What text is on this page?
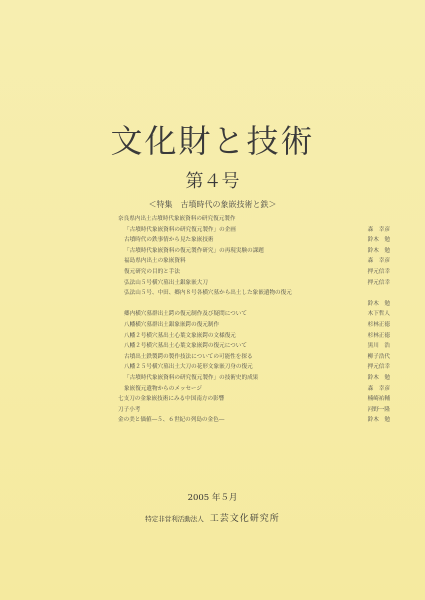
文化財と技術
第４号
＜特集　古墳時代の象嵌技術と鉄＞
奈良県内出土古墳時代象嵌資料の研究復元製作
「古墳時代象嵌資料の研究復元製作」の企画	森　幸彦
古墳時代の鉄事情から見た象嵌技術	鈴木　勉
「古墳時代象嵌資料の復元製作研究」の再現実験の課題	鈴木　勉
福島県内出土の象嵌資料	森　幸彦
復元研究の目的と手法	押元信幸
弘法山５号横穴墓出土銀象嵌大刀	押元信幸
弘法山５号、中田、郷内８号各横穴墓から出土した象嵌遺物の復元
鈴木　勉
郷内横穴墓群出土鍔の復元制作及び疑問について	木下哲人
八幡横穴墓群出土銀象嵌鍔の復元制作	杉林正徳
八幡２号横穴墓出土心葉文象嵌鍔の文様復元	杉林正徳
八幡２号横穴墓出土心葉文象嵌鍔の復元について	黒川　浩
古墳出土鉄製鍔の製作技法についての可能性を探る	柳子浩代
八幡２５号横穴墓出土大刀の花形文象嵌刀身の復元	押元信幸
「古墳時代象嵌資料の研究復元製作」の技術史的成果	鈴木　勉
象嵌復元遺物からのメッセージ	森　幸彦
七支刀の金象嵌技術にみる中国南方の影響	楠崎祐輔
刀子小考	河野一隆
金の美と価値―５、６世紀の列島の金色―	鈴木　勉
2005 年５月
特定非営利活動法人 工芸文化研究所
